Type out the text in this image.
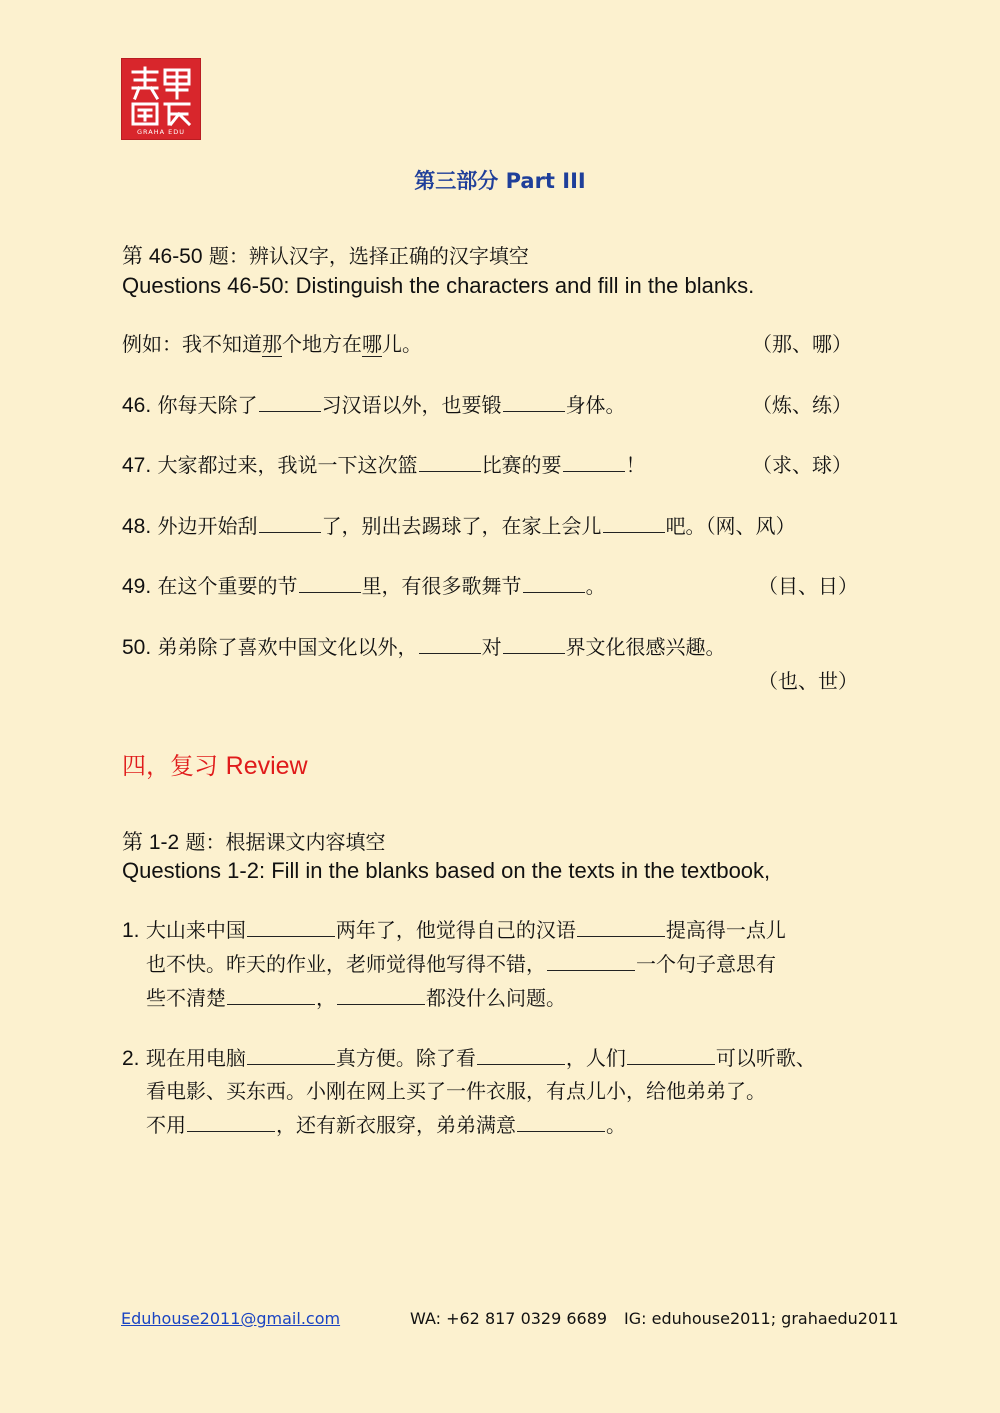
GRAHA EDU
第三部分 Part III
第 46-50 题：辨认汉字，选择正确的汉字填空
Questions 46-50: Distinguish the characters and fill in the blanks.
例如：我不知道那个地方在哪儿。	（那、哪）
46. 你每天除了	习汉语以外，也要锻	身体。	（炼、练）
47. 大家都过来，我说一下这次篮	比赛的要	！	（求、球）
48. 外边开始刮	了，别出去踢球了，在家上会儿	吧。（网、风）
49. 在这个重要的节	里，有很多歌舞节	。	（目、日）
50. 弟弟除了喜欢中国文化以外，	对	界文化很感兴趣。
（也、世）
四，复习 Review
第 1-2 题：根据课文内容填空
Questions 1-2: Fill in the blanks based on the texts in the textbook,
1. 大山来中国	两年了，他觉得自己的汉语	提高得一点儿
也不快。昨天的作业，老师觉得他写得不错，	一个句子意思有
些不清楚	，	都没什么问题。
2. 现在用电脑	真方便。除了看	，人们	可以听歌、
看电影、买东西。小刚在网上买了一件衣服，有点儿小，给他弟弟了。
不用	，还有新衣服穿，弟弟满意	。
Eduhouse2011@gmail.com	WA: +62 817 0329 6689 IG: eduhouse2011; grahaedu2011
